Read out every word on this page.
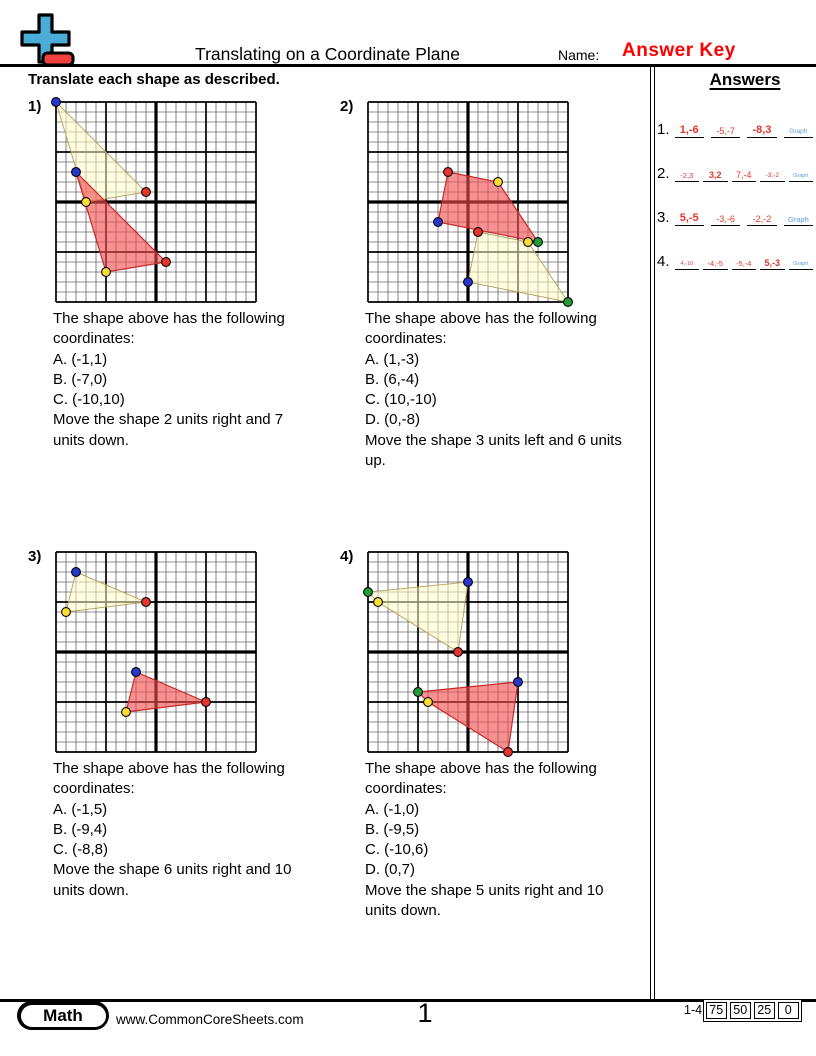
Translating on a Coordinate Plane	Name: Answer Key
Translate each shape as described.	Answers
1. 1,-6	-5,-7	-8,3	Graph
2.	-2,3	3,2	7,-4	-3,-2	Graph
3. 5,-5	-3,-6	-2,-2	Graph
4.	4,-10	-4,-5	-5,-4	5,-3	Graph
1)
The shape above has the following
coordinates:
A. (-1,1)
B. (-7,0)
C. (-10,10)
Move the shape 2 units right and 7
units down.
2)
The shape above has the following
coordinates:
A. (1,-3)
B. (6,-4)
C. (10,-10)
D. (0,-8)
Move the shape 3 units left and 6 units
up.
3)
The shape above has the following
coordinates:
A. (-1,5)
B. (-9,4)
C. (-8,8)
Move the shape 6 units right and 10
units down.
4)
The shape above has the following
coordinates:
A. (-1,0)
B. (-9,5)
C. (-10,6)
D. (0,7)
Move the shape 5 units right and 10
units down.
Math	www.CommonCoreSheets.com	1	1-4 75 50 25	0
